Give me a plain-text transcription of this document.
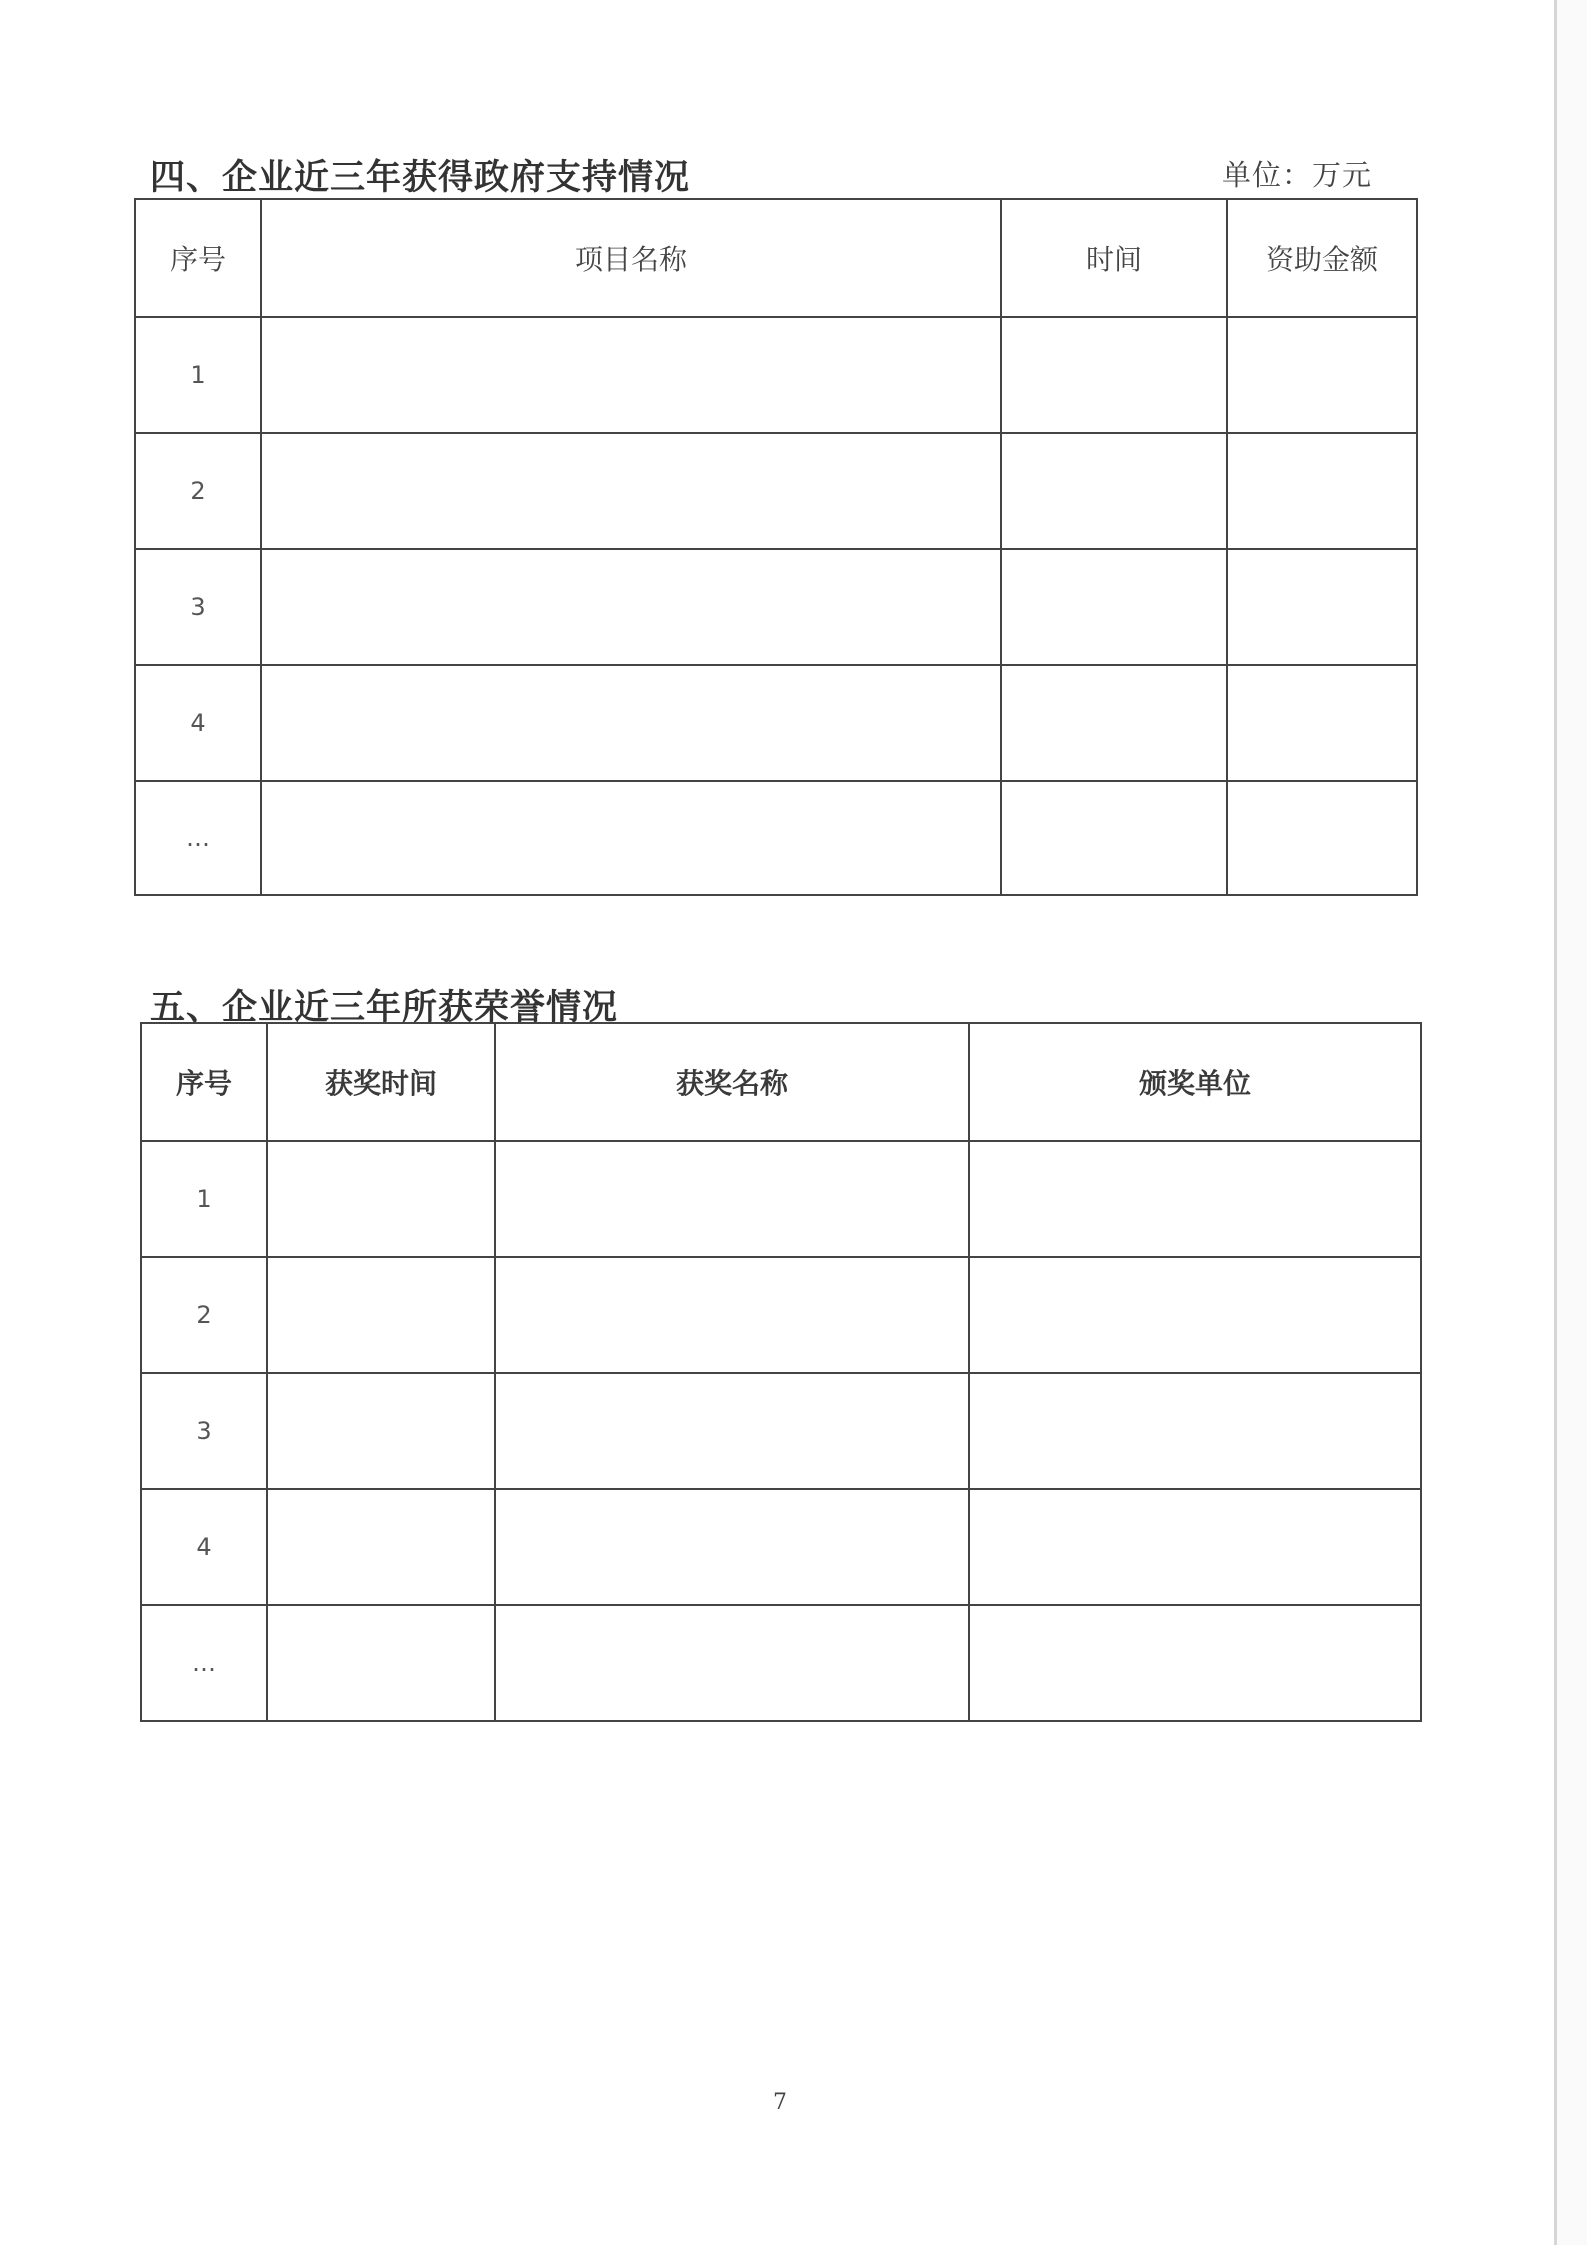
四、企业近三年获得政府支持情况	单位：万元
序号	项目名称	时间	资助金额
1			
2			
3			
4			
…			
五、企业近三年所获荣誉情况
序号	获奖时间	获奖名称	颁奖单位
1			
2			
3			
4			
…			
7
